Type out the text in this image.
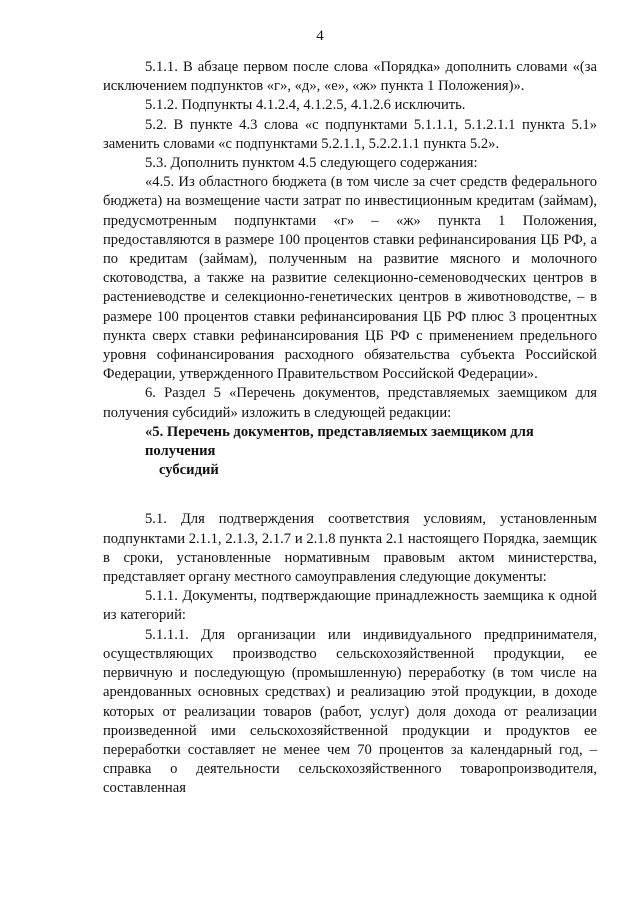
4

5.1.1. В абзаце первом после слова «Порядка» дополнить словами «(за исключением подпунктов «г», «д», «е», «ж» пункта 1 Положения)».

5.1.2. Подпункты 4.1.2.4, 4.1.2.5, 4.1.2.6 исключить.

5.2. В пункте 4.3 слова «с подпунктами 5.1.1.1, 5.1.2.1.1 пункта 5.1» заменить словами «с подпунктами 5.2.1.1, 5.2.2.1.1 пункта 5.2».

5.3. Дополнить пунктом 4.5 следующего содержания:

«4.5. Из областного бюджета (в том числе за счет средств федерального бюджета) на возмещение части затрат по инвестиционным кредитам (займам), предусмотренным подпунктами «г» – «ж» пункта 1 Положения, предоставляются в размере 100 процентов ставки рефинансирования ЦБ РФ, а по кредитам (займам), полученным на развитие мясного и молочного скотоводства, а также на развитие селекционно-семеноводческих центров в растениеводстве и селекционно-генетических центров в животноводстве, – в размере 100 процентов ставки рефинансирования ЦБ РФ плюс 3 процентных пункта сверх ставки рефинансирования ЦБ РФ с применением предельного уровня софинансирования расходного обязательства субъекта Российской Федерации, утвержденного Правительством Российской Федерации».

6. Раздел 5 «Перечень документов, представляемых заемщиком для получения субсидий» изложить в следующей редакции:

«5. Перечень документов, представляемых заемщиком для получения
субсидий

5.1. Для подтверждения соответствия условиям, установленным подпунктами 2.1.1, 2.1.3, 2.1.7 и 2.1.8 пункта 2.1 настоящего Порядка, заемщик в сроки, установленные нормативным правовым актом министерства, представляет органу местного самоуправления следующие документы:

5.1.1. Документы, подтверждающие принадлежность заемщика к одной из категорий:

5.1.1.1. Для организации или индивидуального предпринимателя, осуществляющих производство сельскохозяйственной продукции, ее первичную и последующую (промышленную) переработку (в том числе на арендованных основных средствах) и реализацию этой продукции, в доходе которых от реализации товаров (работ, услуг) доля дохода от реализации произведенной ими сельскохозяйственной продукции и продуктов ее переработки составляет не менее чем 70 процентов за календарный год, – справка о деятельности сельскохозяйственного товаропроизводителя, составленная
